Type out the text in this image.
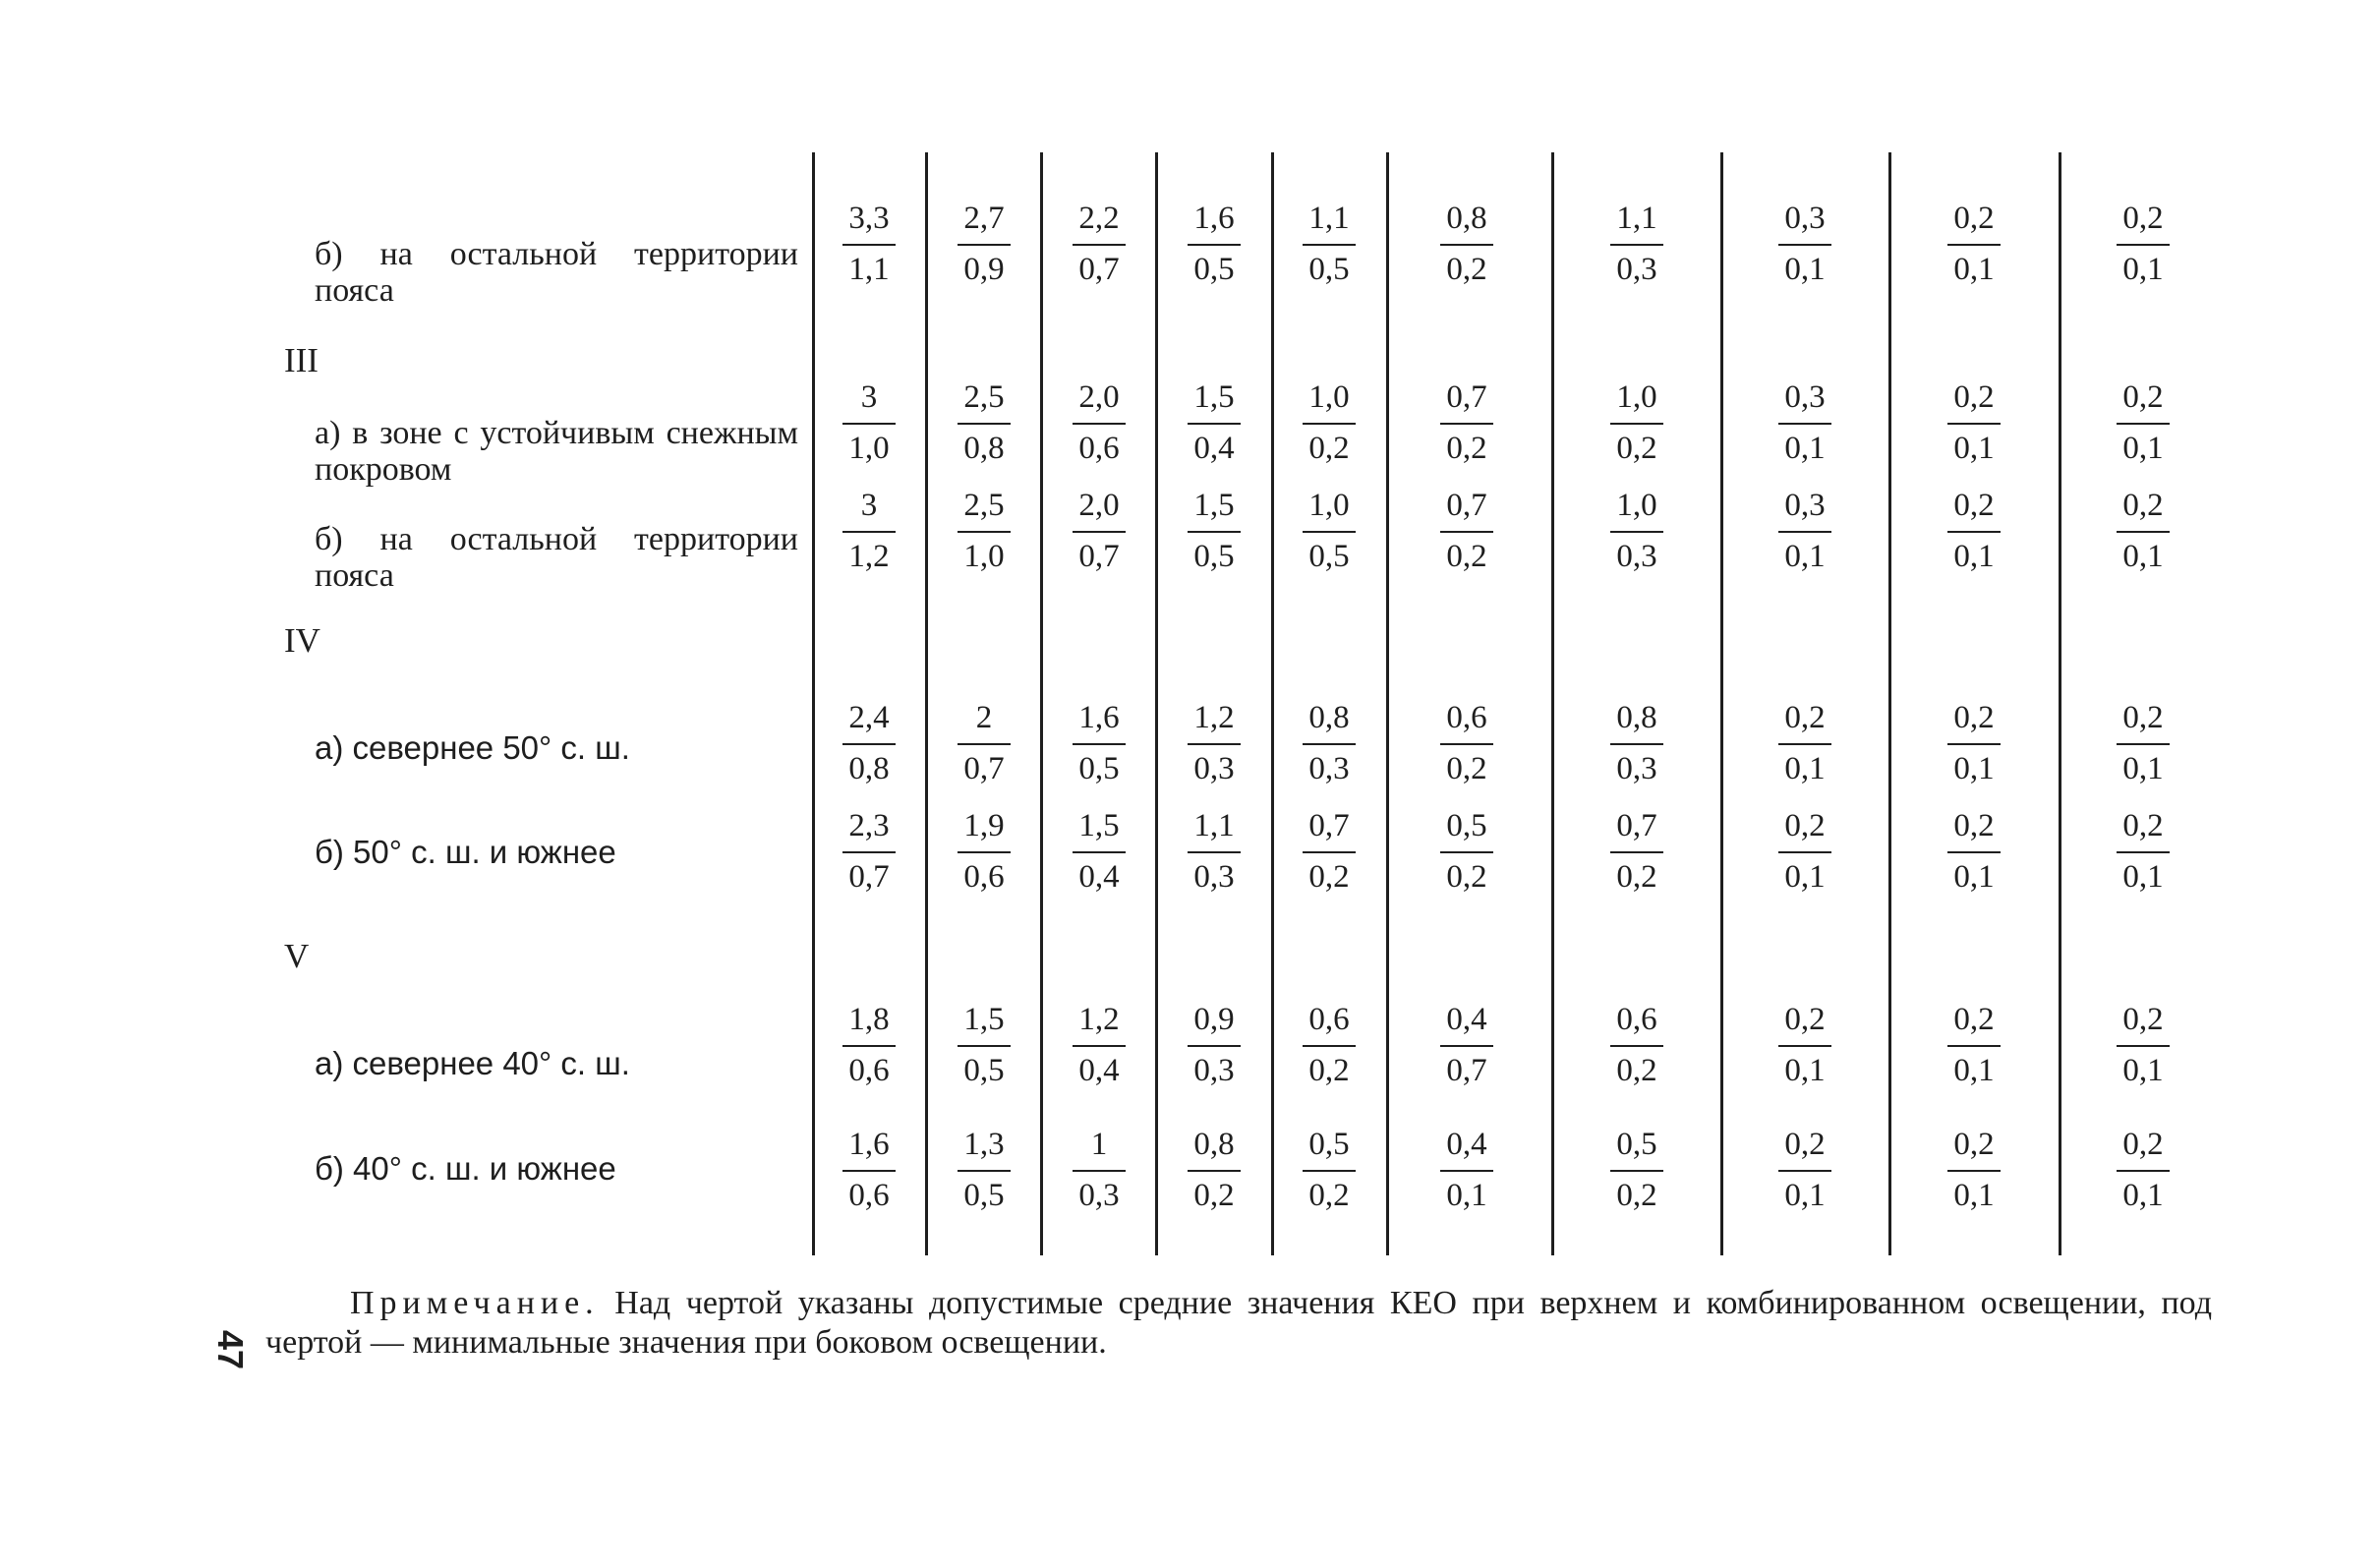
б) на остальной территории пояса
3,3
1,1
2,7
0,9
2,2
0,7
1,6
0,5
1,1
0,5
0,8
0,2
1,1
0,3
0,3
0,1
0,2
0,1
0,2
0,1
III
а) в зоне с устойчивым снежным покровом
3
1,0
2,5
0,8
2,0
0,6
1,5
0,4
1,0
0,2
0,7
0,2
1,0
0,2
0,3
0,1
0,2
0,1
0,2
0,1
б) на остальной территории пояса
3
1,2
2,5
1,0
2,0
0,7
1,5
0,5
1,0
0,5
0,7
0,2
1,0
0,3
0,3
0,1
0,2
0,1
0,2
0,1
IV
а) севернее 50° с. ш.
2,4
0,8
2
0,7
1,6
0,5
1,2
0,3
0,8
0,3
0,6
0,2
0,8
0,3
0,2
0,1
0,2
0,1
0,2
0,1
б) 50° с. ш. и южнее
2,3
0,7
1,9
0,6
1,5
0,4
1,1
0,3
0,7
0,2
0,5
0,2
0,7
0,2
0,2
0,1
0,2
0,1
0,2
0,1
V
а) севернее 40° с. ш.
1,8
0,6
1,5
0,5
1,2
0,4
0,9
0,3
0,6
0,2
0,4
0,7
0,6
0,2
0,2
0,1
0,2
0,1
0,2
0,1
б) 40° с. ш. и южнее
1,6
0,6
1,3
0,5
1
0,3
0,8
0,2
0,5
0,2
0,4
0,1
0,5
0,2
0,2
0,1
0,2
0,1
0,2
0,1

Примечание. Над чертой указаны допустимые средние значения КЕО при верхнем и комбинированном освещении, под чертой — минимальные значения при боковом освещении.

47
